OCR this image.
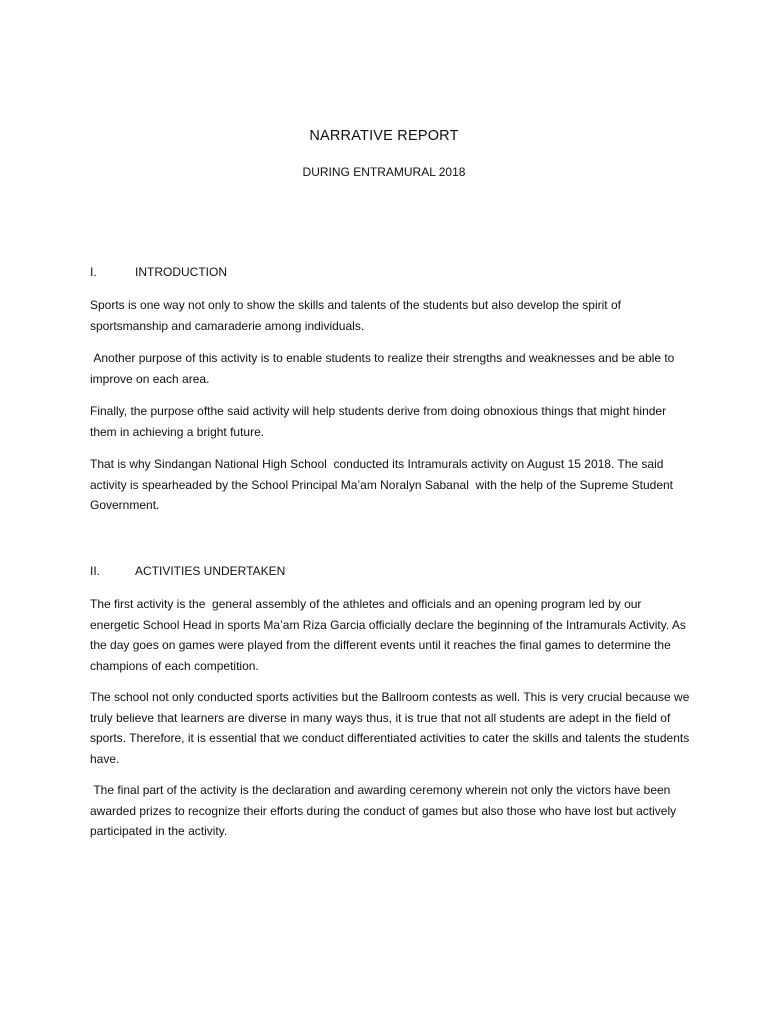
NARRATIVE REPORT
DURING ENTRAMURAL 2018
I.	INTRODUCTION

Sports is one way not only to show the skills and talents of the students but also develop the spirit of sportsmanship and camaraderie among individuals.

Another purpose of this activity is to enable students to realize their strengths and weaknesses and be able to improve on each area.

Finally, the purpose ofthe said activity will help students derive from doing obnoxious things that might hinder them in achieving a bright future.

That is why Sindangan National High School  conducted its Intramurals activity on August 15 2018. The said activity is spearheaded by the School Principal Ma’am Noralyn Sabanal  with the help of the Supreme Student Government.

II.	ACTIVITIES UNDERTAKEN

The first activity is the  general assembly of the athletes and officials and an opening program led by our energetic School Head in sports Ma’am Riza Garcia officially declare the beginning of the Intramurals Activity. As the day goes on games were played from the different events until it reaches the final games to determine the champions of each competition.

The school not only conducted sports activities but the Ballroom contests as well. This is very crucial because we truly believe that learners are diverse in many ways thus, it is true that not all students are adept in the field of sports. Therefore, it is essential that we conduct differentiated activities to cater the skills and talents the students have.

The final part of the activity is the declaration and awarding ceremony wherein not only the victors have been awarded prizes to recognize their efforts during the conduct of games but also those who have lost but actively participated in the activity.
